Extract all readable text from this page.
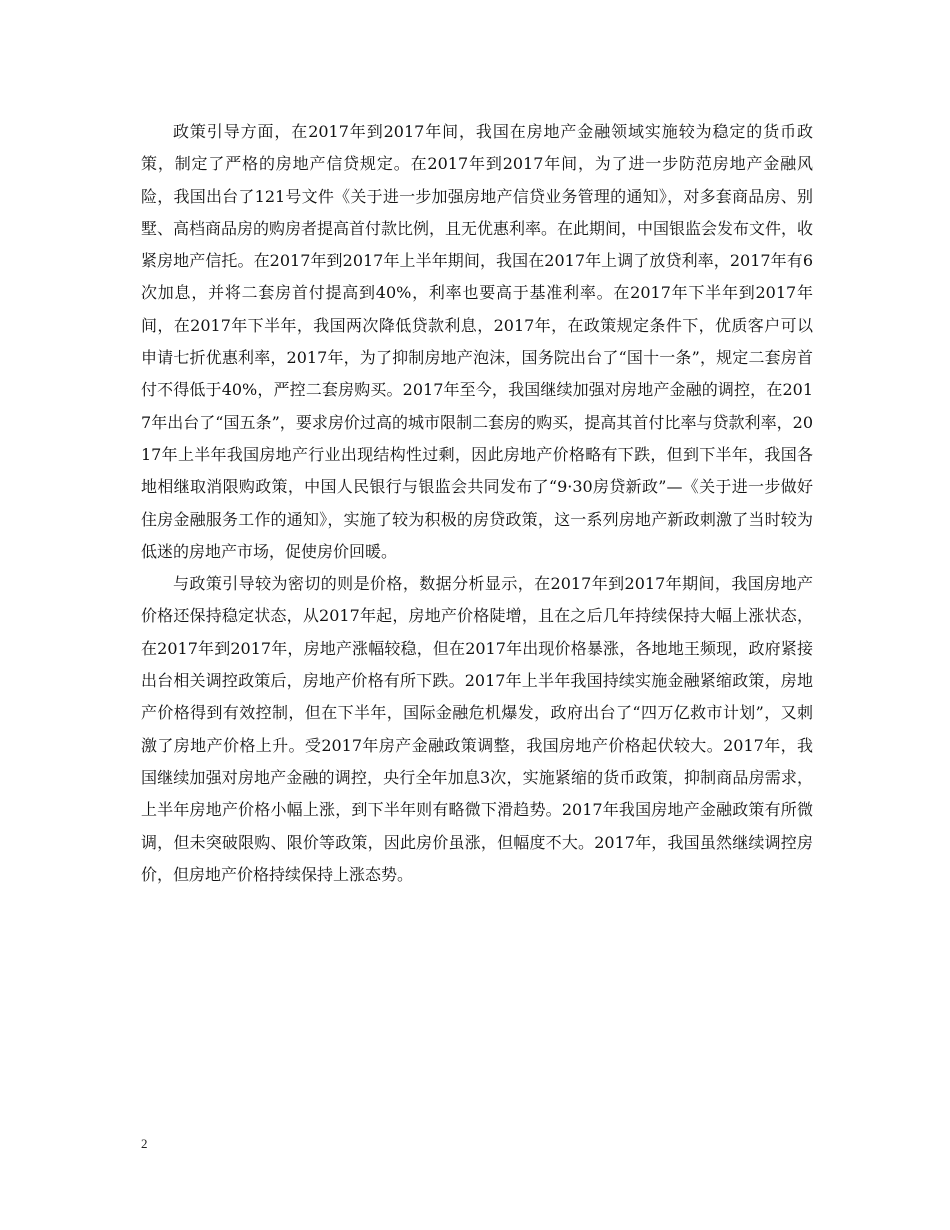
政策引导方面，在2017年到2017年间，我国在房地产金融领域实施较为稳定的货币政策，制定了严格的房地产信贷规定。在2017年到2017年间，为了进一步防范房地产金融风险，我国出台了121号文件《关于进一步加强房地产信贷业务管理的通知》，对多套商品房、别墅、高档商品房的购房者提高首付款比例，且无优惠利率。在此期间，中国银监会发布文件，收紧房地产信托。在2017年到2017年上半年期间，我国在2017年上调了放贷利率，2017年有6次加息，并将二套房首付提高到40%，利率也要高于基准利率。在2017年下半年到2017年间，在2017年下半年，我国两次降低贷款利息，2017年，在政策规定条件下，优质客户可以申请七折优惠利率，2017年，为了抑制房地产泡沫，国务院出台了“国十一条”，规定二套房首付不得低于40%，严控二套房购买。2017年至今，我国继续加强对房地产金融的调控，在2017年出台了“国五条”，要求房价过高的城市限制二套房的购买，提高其首付比率与贷款利率，2017年上半年我国房地产行业出现结构性过剩，因此房地产价格略有下跌，但到下半年，我国各地相继取消限购政策，中国人民银行与银监会共同发布了“9·30房贷新政”—《关于进一步做好住房金融服务工作的通知》，实施了较为积极的房贷政策，这一系列房地产新政刺激了当时较为低迷的房地产市场，促使房价回暖。

与政策引导较为密切的则是价格，数据分析显示，在2017年到2017年期间，我国房地产价格还保持稳定状态，从2017年起，房地产价格陡增，且在之后几年持续保持大幅上涨状态，在2017年到2017年，房地产涨幅较稳，但在2017年出现价格暴涨，各地地王频现，政府紧接出台相关调控政策后，房地产价格有所下跌。2017年上半年我国持续实施金融紧缩政策，房地产价格得到有效控制，但在下半年，国际金融危机爆发，政府出台了“四万亿救市计划”，又刺激了房地产价格上升。受2017年房产金融政策调整，我国房地产价格起伏较大。2017年，我国继续加强对房地产金融的调控，央行全年加息3次，实施紧缩的货币政策，抑制商品房需求，上半年房地产价格小幅上涨，到下半年则有略微下滑趋势。2017年我国房地产金融政策有所微调，但未突破限购、限价等政策，因此房价虽涨，但幅度不大。2017年，我国虽然继续调控房价，但房地产价格持续保持上涨态势。

2
